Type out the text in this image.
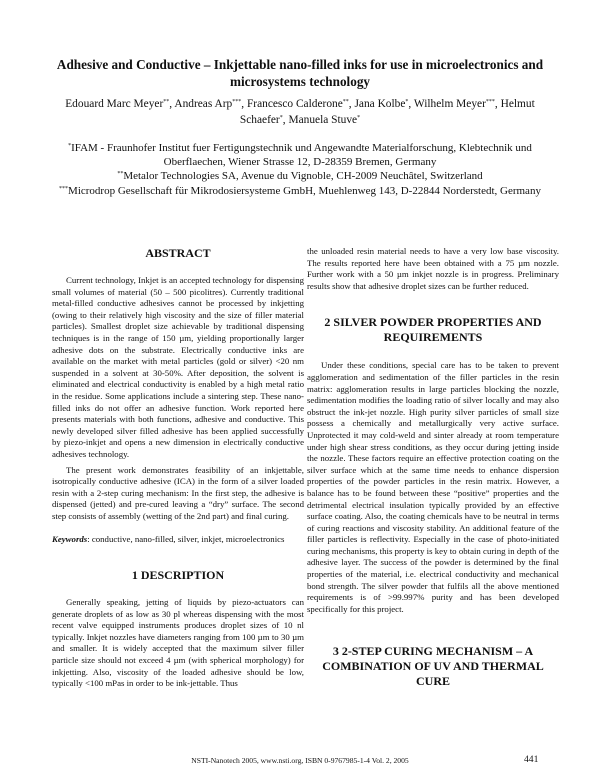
Adhesive and Conductive – Inkjettable nano-filled inks for use in microelectronics and microsystems technology
Edouard Marc Meyer**, Andreas Arp***, Francesco Calderone**, Jana Kolbe*, Wilhelm Meyer***, Helmut
Schaefer*, Manuela Stuve*
*IFAM - Fraunhofer Institut fuer Fertigungstechnik und Angewandte Materialforschung, Klebtechnik und Oberflaechen, Wiener Strasse 12, D-28359 Bremen, Germany
**Metalor Technologies SA, Avenue du Vignoble, CH-2009 Neuchâtel, Switzerland
***Microdrop Gesellschaft für Mikrodosiersysteme GmbH, Muehlenweg 143, D-22844 Norderstedt, Germany
ABSTRACT

Current technology, Inkjet is an accepted technology for dispensing small volumes of material (50 – 500 picolitres). Currently traditional metal-filled conductive adhesives cannot be processed by inkjetting (owing to their relatively high viscosity and the size of filler material particles). Smallest droplet size achievable by traditional dispensing techniques is in the range of 150 µm, yielding proportionally larger adhesive dots on the substrate. Electrically conductive inks are available on the market with metal particles (gold or silver) <20 nm suspended in a solvent at 30-50%. After deposition, the solvent is eliminated and electrical conductivity is enabled by a high metal ratio in the residue. Some applications include a sintering step. These nano-filled inks do not offer an adhesive function. Work reported here presents materials with both functions, adhesive and conductive. This newly developed silver filled adhesive has been applied successfully by piezo-inkjet and opens a new dimension in electrically conductive adhesives technology.

The present work demonstrates feasibility of an inkjettable, isotropically conductive adhesive (ICA) in the form of a silver loaded resin with a 2-step curing mechanism: In the first step, the adhesive is dispensed (jetted) and pre-cured leaving a “dry” surface. The second step consists of assembly (wetting of the 2nd part) and final curing.

Keywords: conductive, nano-filled, silver, inkjet, microelectronics

1 DESCRIPTION

Generally speaking, jetting of liquids by piezo-actuators can generate droplets of as low as 30 pl whereas dispensing with the most recent valve equipped instruments produces droplet sizes of 10 nl typically. Inkjet nozzles have diameters ranging from 100 µm to 30 µm and smaller. It is widely accepted that the maximum silver filler particle size should not exceed 4 µm (with spherical morphology) for inkjetting. Also, viscosity of the loaded adhesive should be low, typically <100 mPas in order to be ink-jettable. Thus

the unloaded resin material needs to have a very low base viscosity. The results reported here have been obtained with a 75 µm nozzle. Further work with a 50 µm inkjet nozzle is in progress. Preliminary results show that adhesive droplet sizes can be further reduced.

2 SILVER POWDER PROPERTIES AND REQUIREMENTS

Under these conditions, special care has to be taken to prevent agglomeration and sedimentation of the filler particles in the resin matrix: agglomeration results in large particles blocking the nozzle, sedimentation modifies the loading ratio of silver locally and may also obstruct the ink-jet nozzle. High purity silver particles of small size possess a chemically and metallurgically very active surface. Unprotected it may cold-weld and sinter already at room temperature under high shear stress conditions, as they occur during jetting inside the nozzle. These factors require an effective protection coating on the silver surface which at the same time needs to enhance dispersion properties of the powder particles in the resin matrix. However, a balance has to be found between these “positive” properties and the detrimental electrical insulation typically provided by an effective surface coating. Also, the coating chemicals have to be neutral in terms of curing reactions and viscosity stability. An additional feature of the filler particles is reflectivity. Especially in the case of photo-initiated curing mechanisms, this property is key to obtain curing in depth of the adhesive layer. The success of the powder is determined by the final properties of the material, i.e. electrical conductivity and mechanical bond strength. The silver powder that fulfils all the above mentioned requirements is of >99.997% purity and has been developed specifically for this project.

3 2-STEP CURING MECHANISM – A COMBINATION OF UV AND THERMAL CURE
NSTI-Nanotech 2005, www.nsti.org, ISBN 0-9767985-1-4 Vol. 2, 2005	441
